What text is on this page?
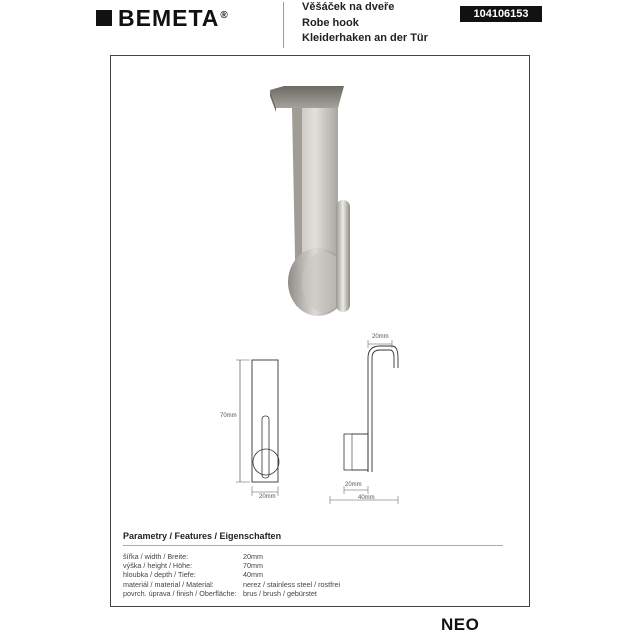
BEMETA®
Věšáček na dveře
Robe hook
Kleiderhaken an der Tür
104106153
70mm
20mm
20mm
20mm
40mm
Parametry / Features / Eigenschaften
šířka / width / Breite:	20mm
výška / height / Höhe:	70mm
hloubka / depth / Tiefe:	40mm
materiál / material / Material:	nerez / stainless steel / rostfrei
povrch. úprava / finish / Oberfläche: brus / brush / gebürstet
NEO
